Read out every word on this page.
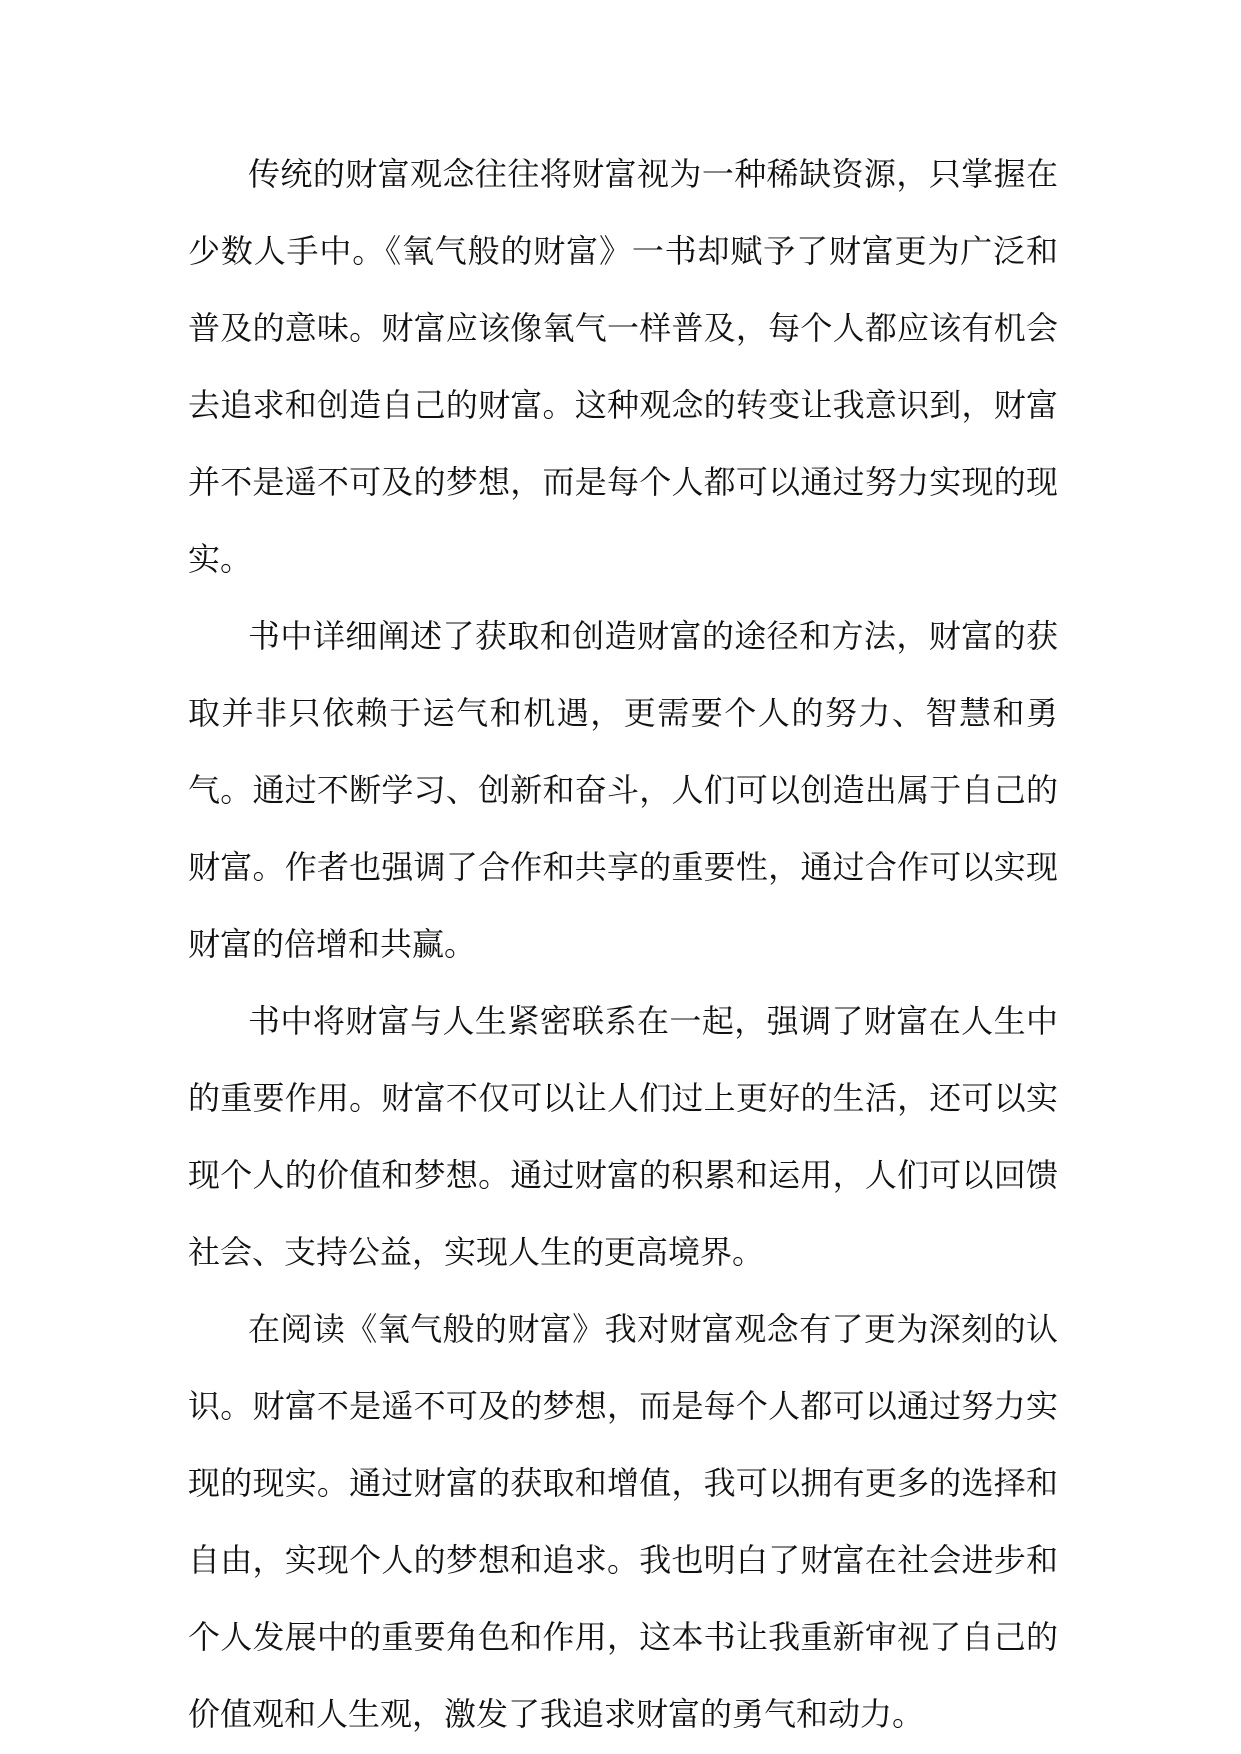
传统的财富观念往往将财富视为一种稀缺资源，只掌握在少数人手中。《氧气般的财富》一书却赋予了财富更为广泛和普及的意味。财富应该像氧气一样普及，每个人都应该有机会去追求和创造自己的财富。这种观念的转变让我意识到，财富并不是遥不可及的梦想，而是每个人都可以通过努力实现的现实。

书中详细阐述了获取和创造财富的途径和方法，财富的获取并非只依赖于运气和机遇，更需要个人的努力、智慧和勇气。通过不断学习、创新和奋斗，人们可以创造出属于自己的财富。作者也强调了合作和共享的重要性，通过合作可以实现财富的倍增和共赢。

书中将财富与人生紧密联系在一起，强调了财富在人生中的重要作用。财富不仅可以让人们过上更好的生活，还可以实现个人的价值和梦想。通过财富的积累和运用，人们可以回馈社会、支持公益，实现人生的更高境界。

在阅读《氧气般的财富》我对财富观念有了更为深刻的认识。财富不是遥不可及的梦想，而是每个人都可以通过努力实现的现实。通过财富的获取和增值，我可以拥有更多的选择和自由，实现个人的梦想和追求。我也明白了财富在社会进步和个人发展中的重要角色和作用，这本书让我重新审视了自己的价值观和人生观，激发了我追求财富的勇气和动力。
